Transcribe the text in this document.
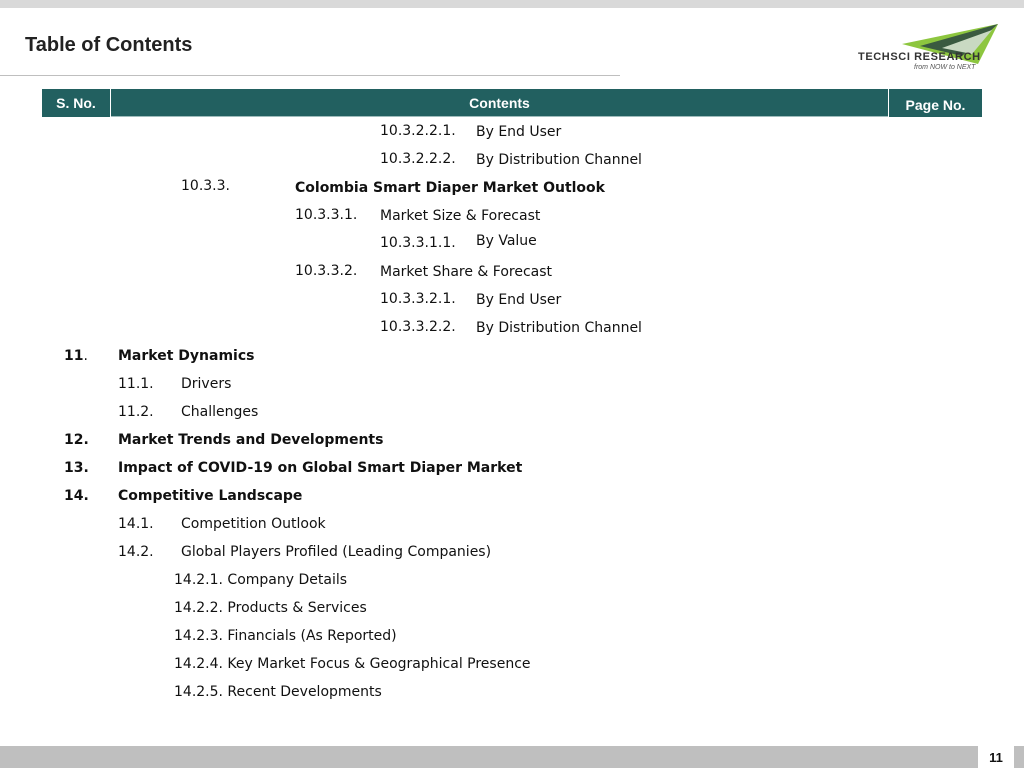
Table of Contents
TECHSCI RESEARCH
from NOW to NEXT
S. No.	Contents	Page No.
10.3.2.2.1. By End User
10.3.2.2.2. By Distribution Channel
10.3.3.	Colombia Smart Diaper Market Outlook
10.3.3.1. Market Size & Forecast
10.3.3.1.1. By Value
10.3.3.2. Market Share & Forecast
10.3.3.2.1. By End User
10.3.3.2.2. By Distribution Channel
11. Market Dynamics
11.1. Drivers
11.2. Challenges
12. Market Trends and Developments
13. Impact of COVID-19 on Global Smart Diaper Market
14. Competitive Landscape
14.1. Competition Outlook
14.2. Global Players Profiled (Leading Companies)
14.2.1. Company Details
14.2.2. Products & Services
14.2.3. Financials (As Reported)
14.2.4. Key Market Focus & Geographical Presence
14.2.5. Recent Developments
11
